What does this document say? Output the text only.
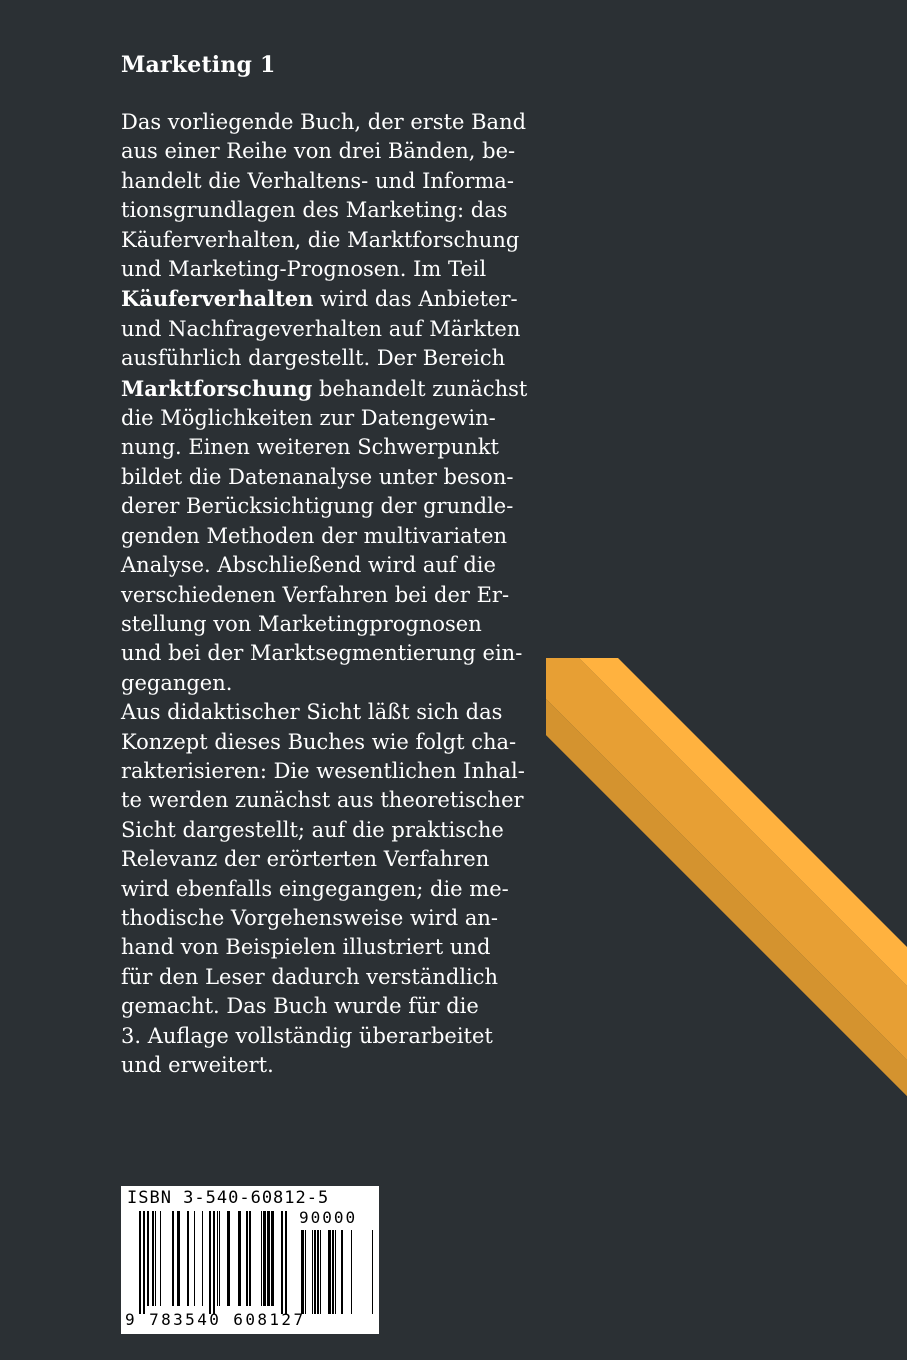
Marketing 1
Das vorliegende Buch, der erste Band
aus einer Reihe von drei Bänden, be-
handelt die Verhaltens- und Informa-
tionsgrundlagen des Marketing: das
Käuferverhalten, die Marktforschung
und Marketing-Prognosen. Im Teil
Käuferverhalten wird das Anbieter-
und Nachfrageverhalten auf Märkten
ausführlich dargestellt. Der Bereich
Marktforschung behandelt zunächst
die Möglichkeiten zur Datengewin-
nung. Einen weiteren Schwerpunkt
bildet die Datenanalyse unter beson-
derer Berücksichtigung der grundle-
genden Methoden der multivariaten
Analyse. Abschließend wird auf die
verschiedenen Verfahren bei der Er-
stellung von Marketingprognosen
und bei der Marktsegmentierung ein-
gegangen.
Aus didaktischer Sicht läßt sich das
Konzept dieses Buches wie folgt cha-
rakterisieren: Die wesentlichen Inhal-
te werden zunächst aus theoretischer
Sicht dargestellt; auf die praktische
Relevanz der erörterten Verfahren
wird ebenfalls eingegangen; die me-
thodische Vorgehensweise wird an-
hand von Beispielen illustriert und
für den Leser dadurch verständlich
gemacht. Das Buch wurde für die
3. Auflage vollständig überarbeitet
und erweitert.
ISBN 3-540-60812-5
90000
9 783540 608127
